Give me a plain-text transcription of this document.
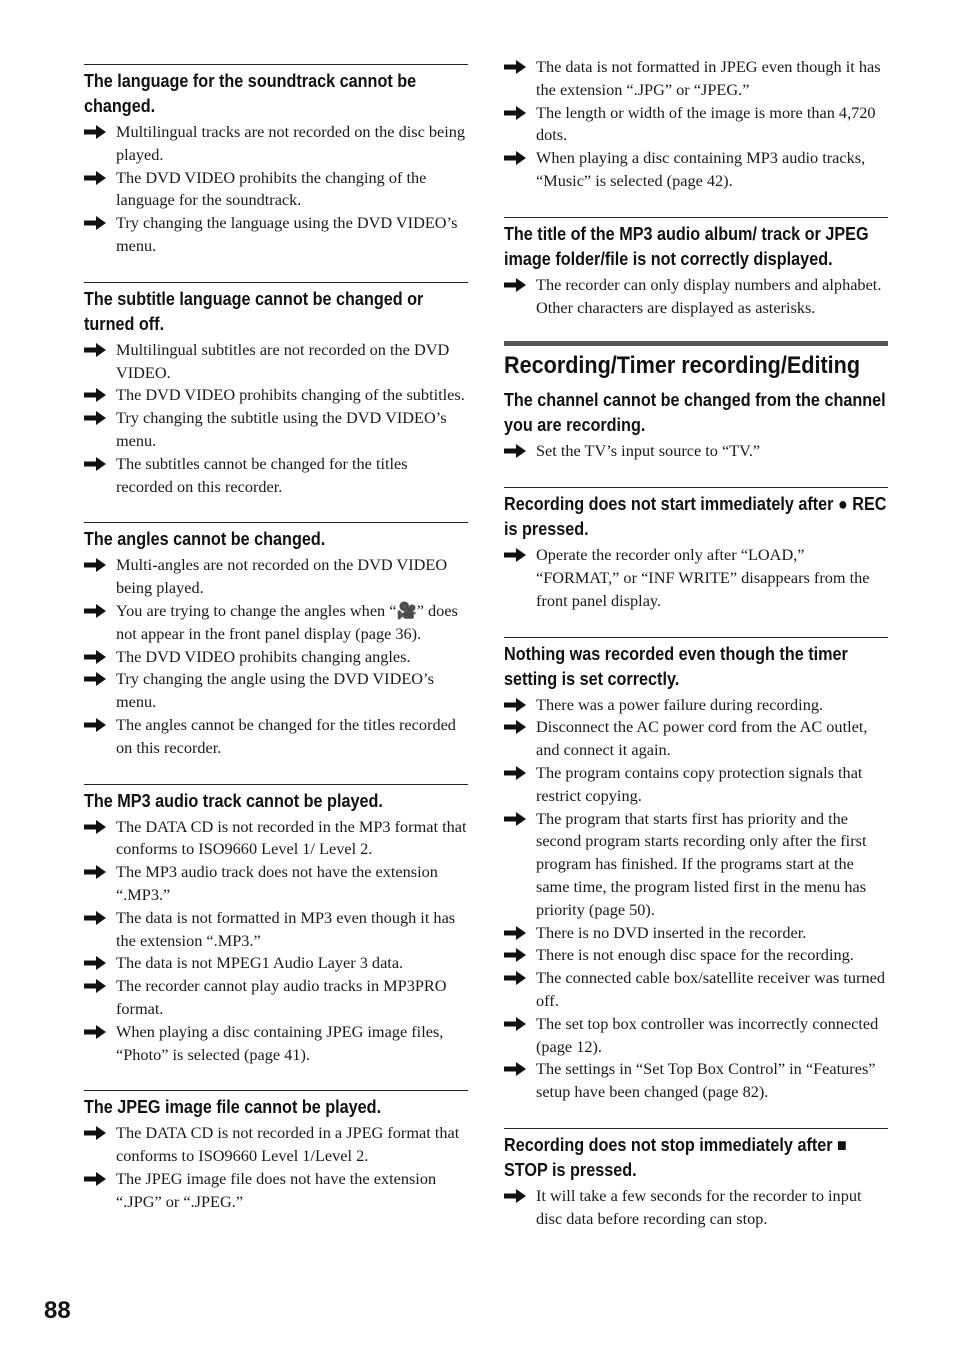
The language for the soundtrack cannot be changed.
Multilingual tracks are not recorded on the disc being played.
The DVD VIDEO prohibits the changing of the language for the soundtrack.
Try changing the language using the DVD VIDEO’s menu.
The subtitle language cannot be changed or turned off.
Multilingual subtitles are not recorded on the DVD VIDEO.
The DVD VIDEO prohibits changing of the subtitles.
Try changing the subtitle using the DVD VIDEO’s menu.
The subtitles cannot be changed for the titles recorded on this recorder.
The angles cannot be changed.
Multi-angles are not recorded on the DVD VIDEO being played.
You are trying to change the angles when “🎥” does not appear in the front panel display (page 36).
The DVD VIDEO prohibits changing angles.
Try changing the angle using the DVD VIDEO’s menu.
The angles cannot be changed for the titles recorded on this recorder.
The MP3 audio track cannot be played.
The DATA CD is not recorded in the MP3 format that conforms to ISO9660 Level 1/ Level 2.
The MP3 audio track does not have the extension “.MP3.”
The data is not formatted in MP3 even though it has the extension “.MP3.”
The data is not MPEG1 Audio Layer 3 data.
The recorder cannot play audio tracks in MP3PRO format.
When playing a disc containing JPEG image files, “Photo” is selected (page 41).
The JPEG image file cannot be played.
The DATA CD is not recorded in a JPEG format that conforms to ISO9660 Level 1/Level 2.
The JPEG image file does not have the extension “.JPG” or “.JPEG.”
The data is not formatted in JPEG even though it has the extension “.JPG” or “JPEG.”
The length or width of the image is more than 4,720 dots.
When playing a disc containing MP3 audio tracks, “Music” is selected (page 42).
The title of the MP3 audio album/ track or JPEG image folder/file is not correctly displayed.
The recorder can only display numbers and alphabet. Other characters are displayed as asterisks.
Recording/Timer recording/Editing
The channel cannot be changed from the channel you are recording.
Set the TV’s input source to “TV.”
Recording does not start immediately after ● REC is pressed.
Operate the recorder only after “LOAD,” “FORMAT,” or “INF WRITE” disappears from the front panel display.
Nothing was recorded even though the timer setting is set correctly.
There was a power failure during recording.
Disconnect the AC power cord from the AC outlet, and connect it again.
The program contains copy protection signals that restrict copying.
The program that starts first has priority and the second program starts recording only after the first program has finished. If the programs start at the same time, the program listed first in the menu has priority (page 50).
There is no DVD inserted in the recorder.
There is not enough disc space for the recording.
The connected cable box/satellite receiver was turned off.
The set top box controller was incorrectly connected (page 12).
The settings in “Set Top Box Control” in “Features” setup have been changed (page 82).
Recording does not stop immediately after ■ STOP is pressed.
It will take a few seconds for the recorder to input disc data before recording can stop.
88
